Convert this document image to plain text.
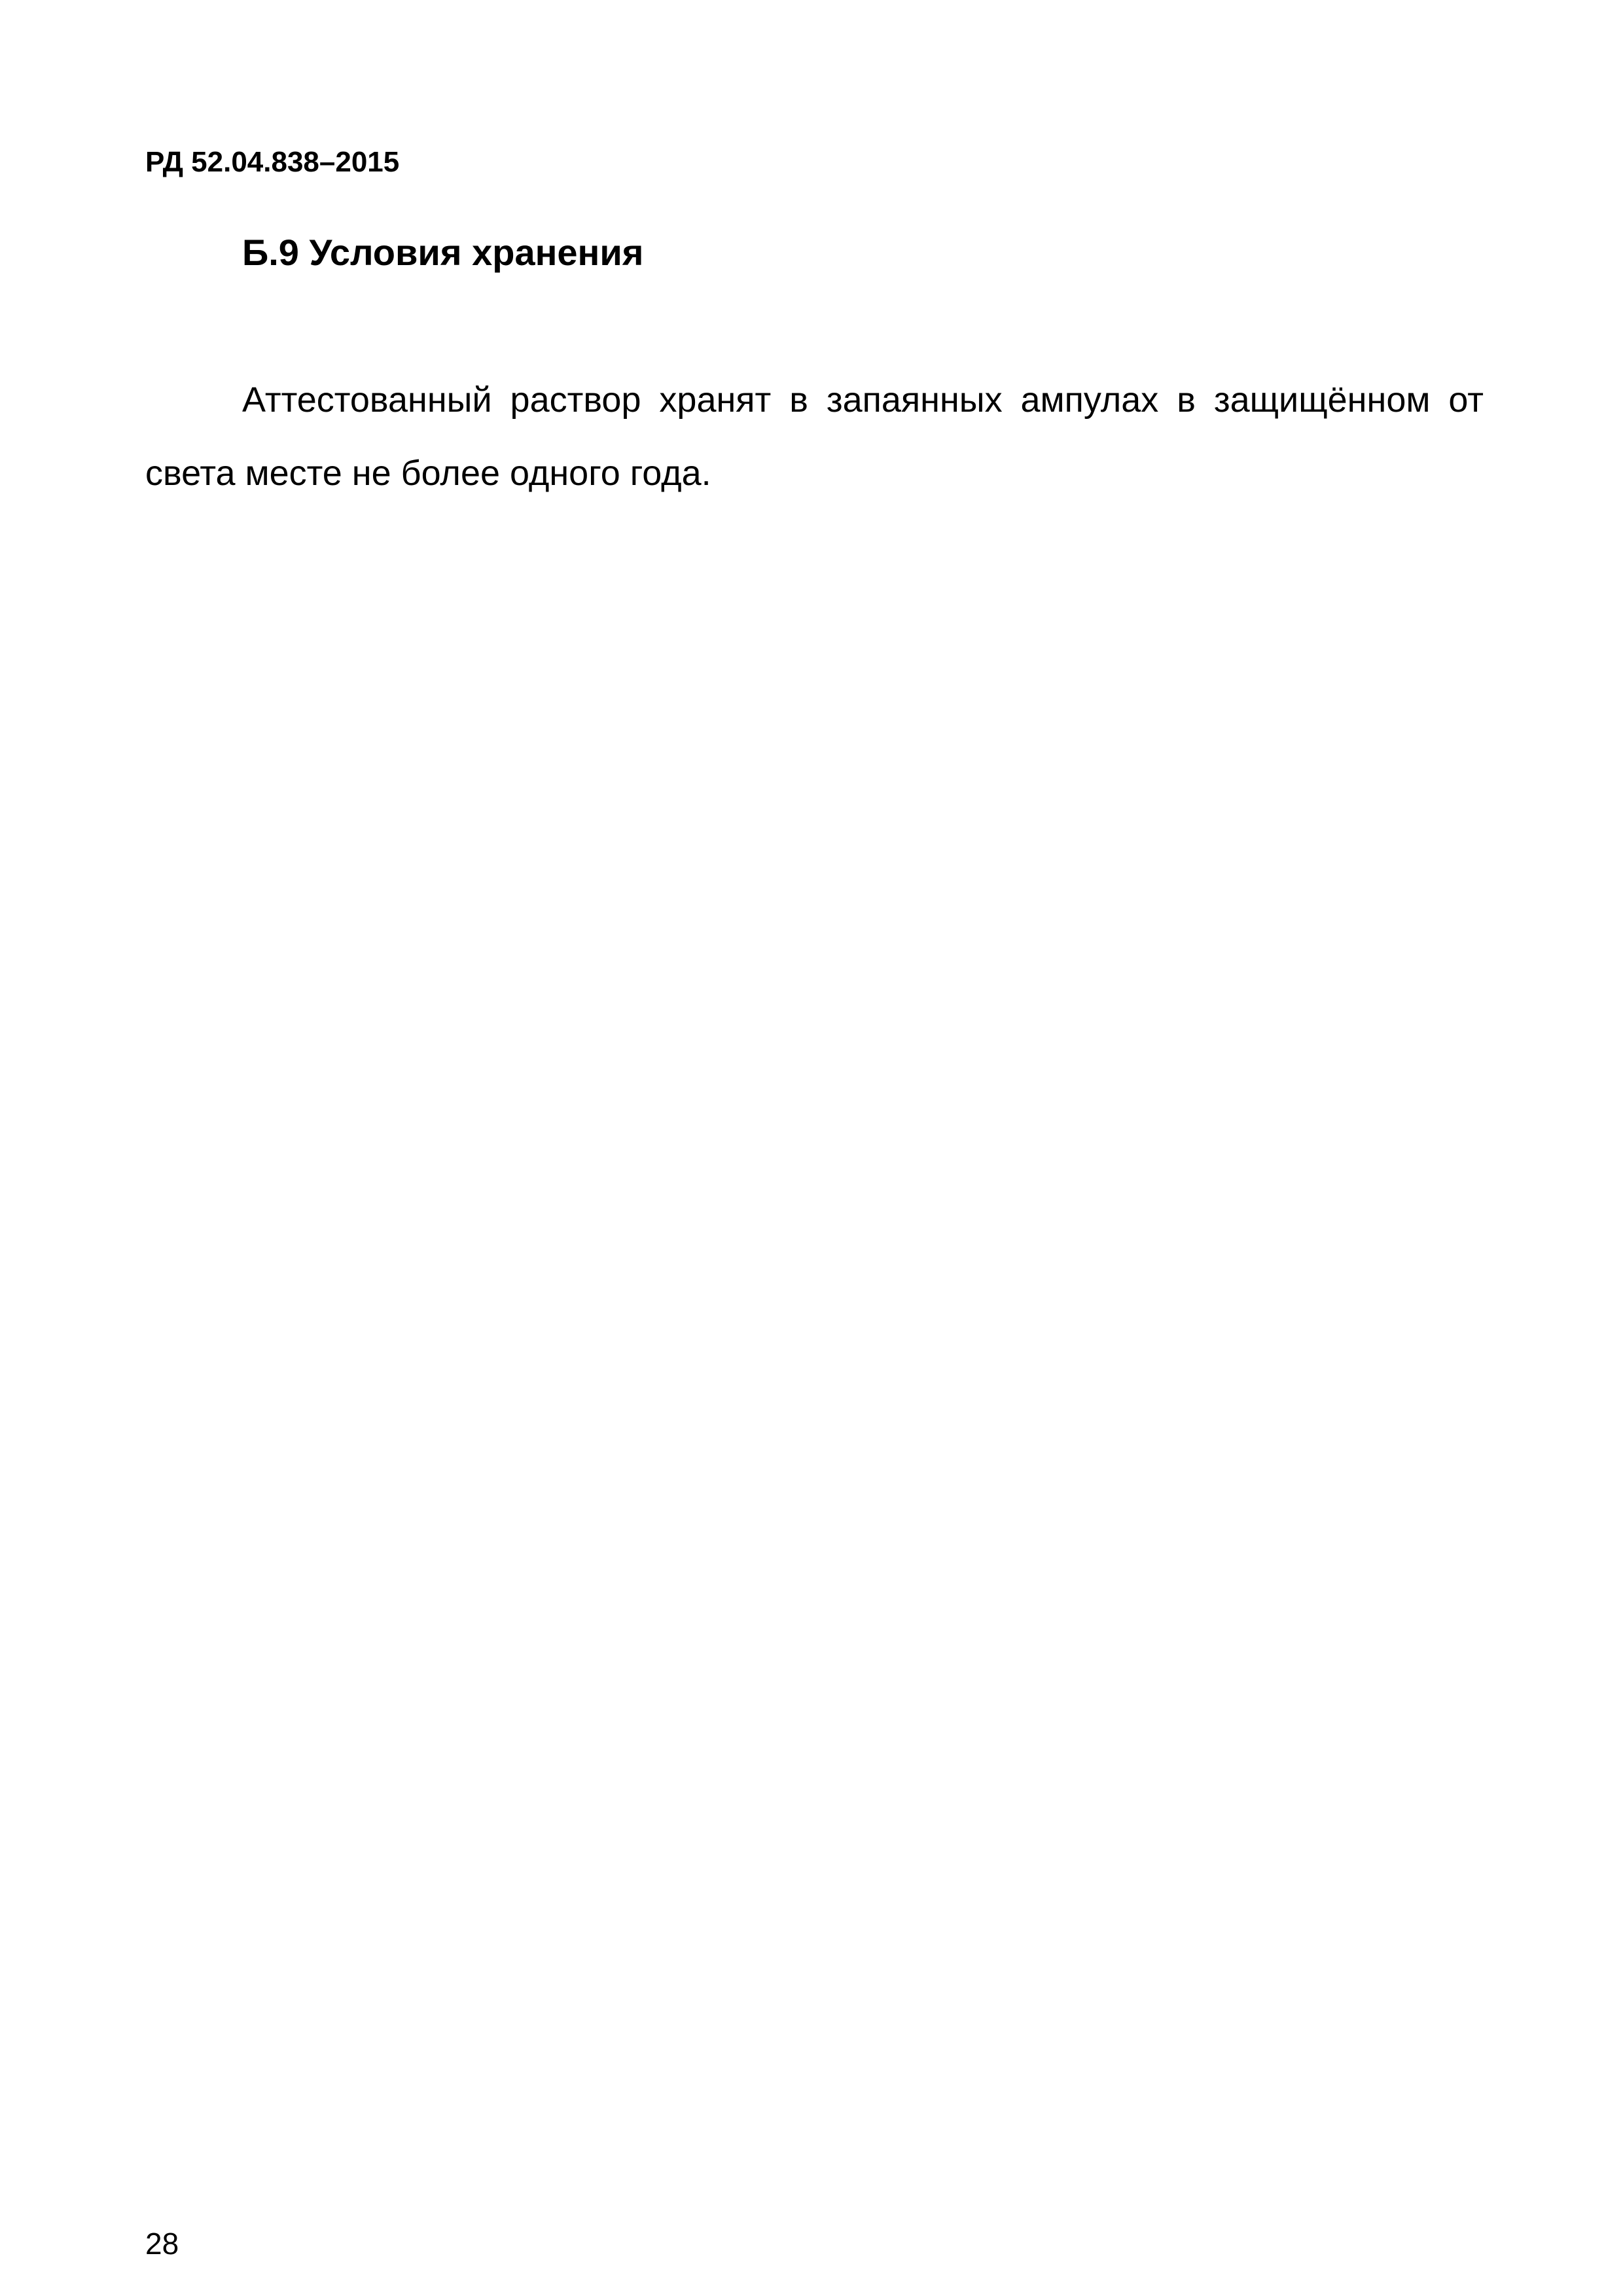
РД 52.04.838–2015
Б.9 Условия хранения

Аттестованный раствор хранят в запаянных ампулах в защищённом от света месте не более одного года.

28
